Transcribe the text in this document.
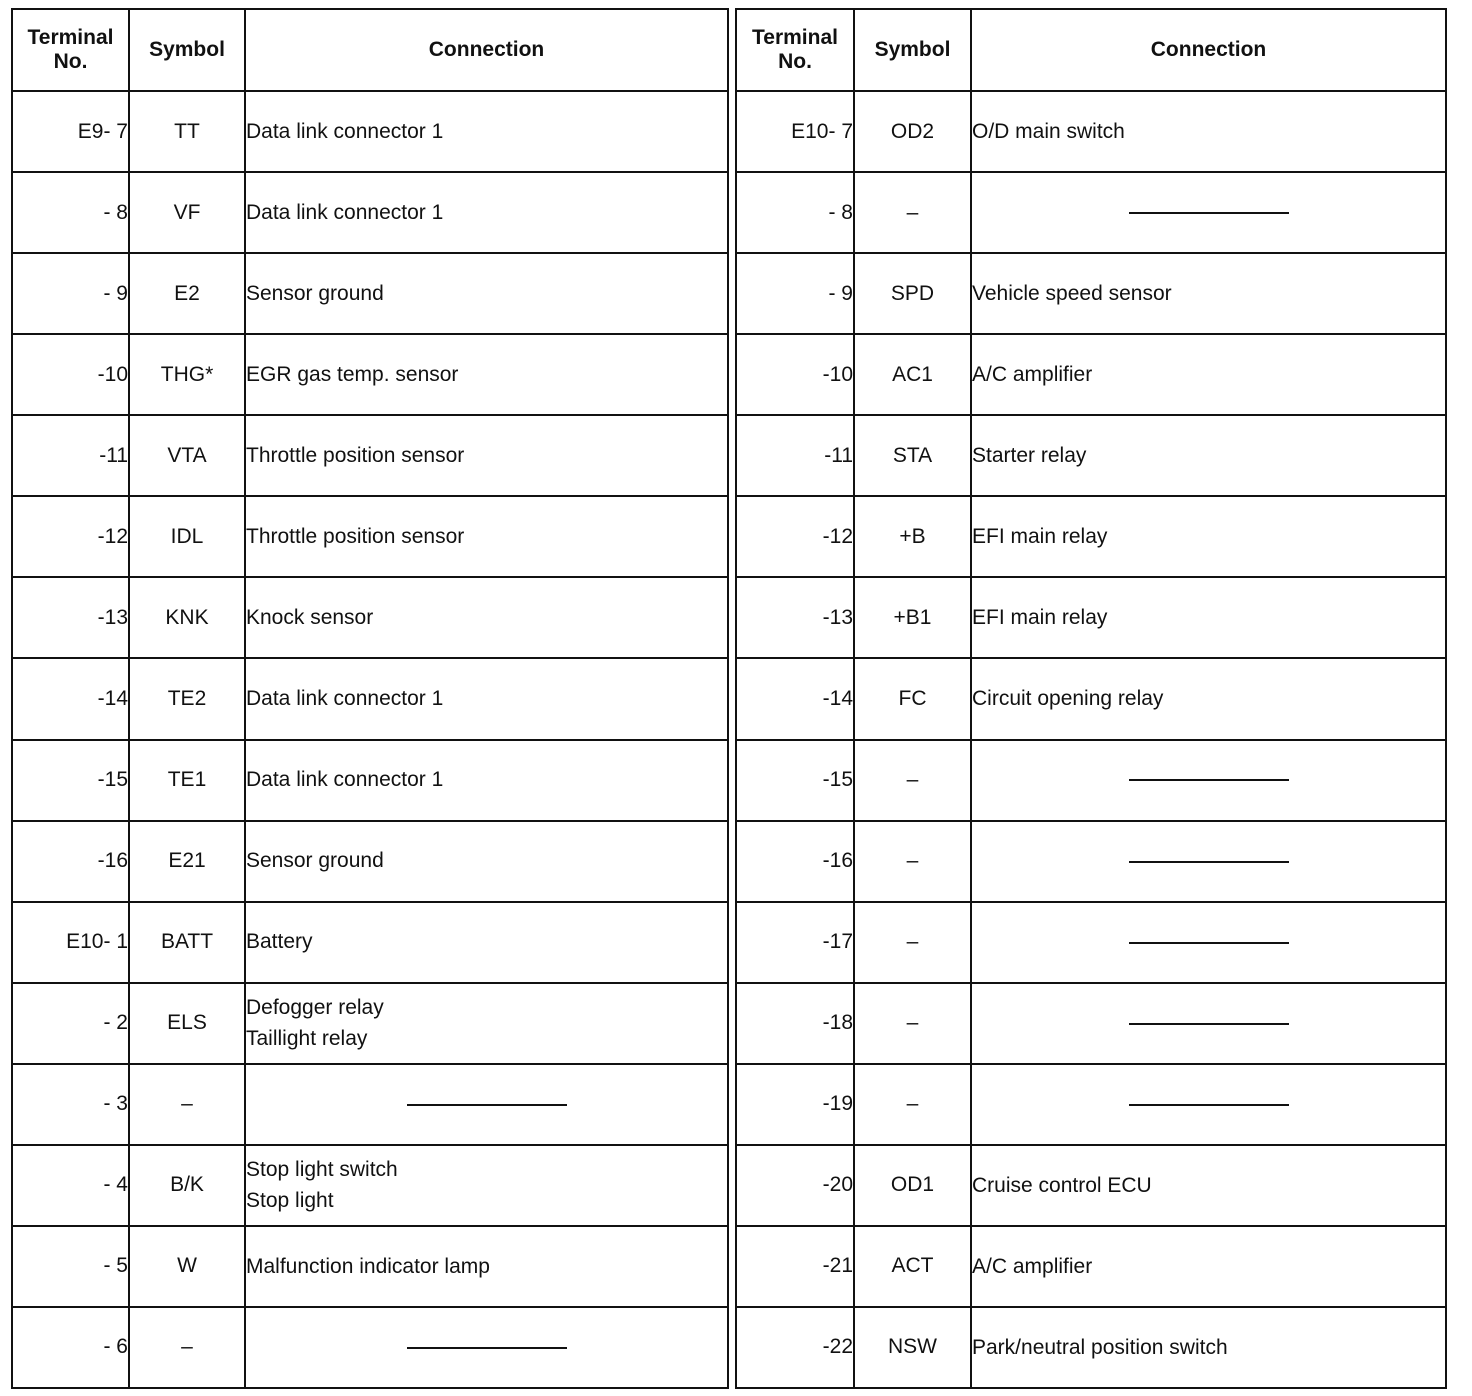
Terminal
No.	Symbol	Connection
E9- 7	TT	Data link connector 1

- 8	VF	Data link connector 1

- 9	E2	Sensor ground

-10	THG*	EGR gas temp. sensor

-11	VTA	Throttle position sensor

-12	IDL	Throttle position sensor

-13	KNK	Knock sensor

-14	TE2	Data link connector 1

-15	TE1	Data link connector 1

-16	E21	Sensor ground

E10- 1	BATT	Battery

- 2	ELS	Defogger relay
Taillight relay

- 3	–	
- 4	B/K	Stop light switch
Stop light

- 5	W	Malfunction indicator lamp

- 6	–	
Terminal
No.	Symbol	Connection
E10- 7	OD2	O/D main switch

- 8	–	
- 9	SPD	Vehicle speed sensor

-10	AC1	A/C amplifier

-11	STA	Starter relay

-12	+B	EFI main relay

-13	+B1	EFI main relay

-14	FC	Circuit opening relay

-15	–	
-16	–	
-17	–	
-18	–	
-19	–	
-20	OD1	Cruise control ECU

-21	ACT	A/C amplifier

-22	NSW	Park/neutral position switch
